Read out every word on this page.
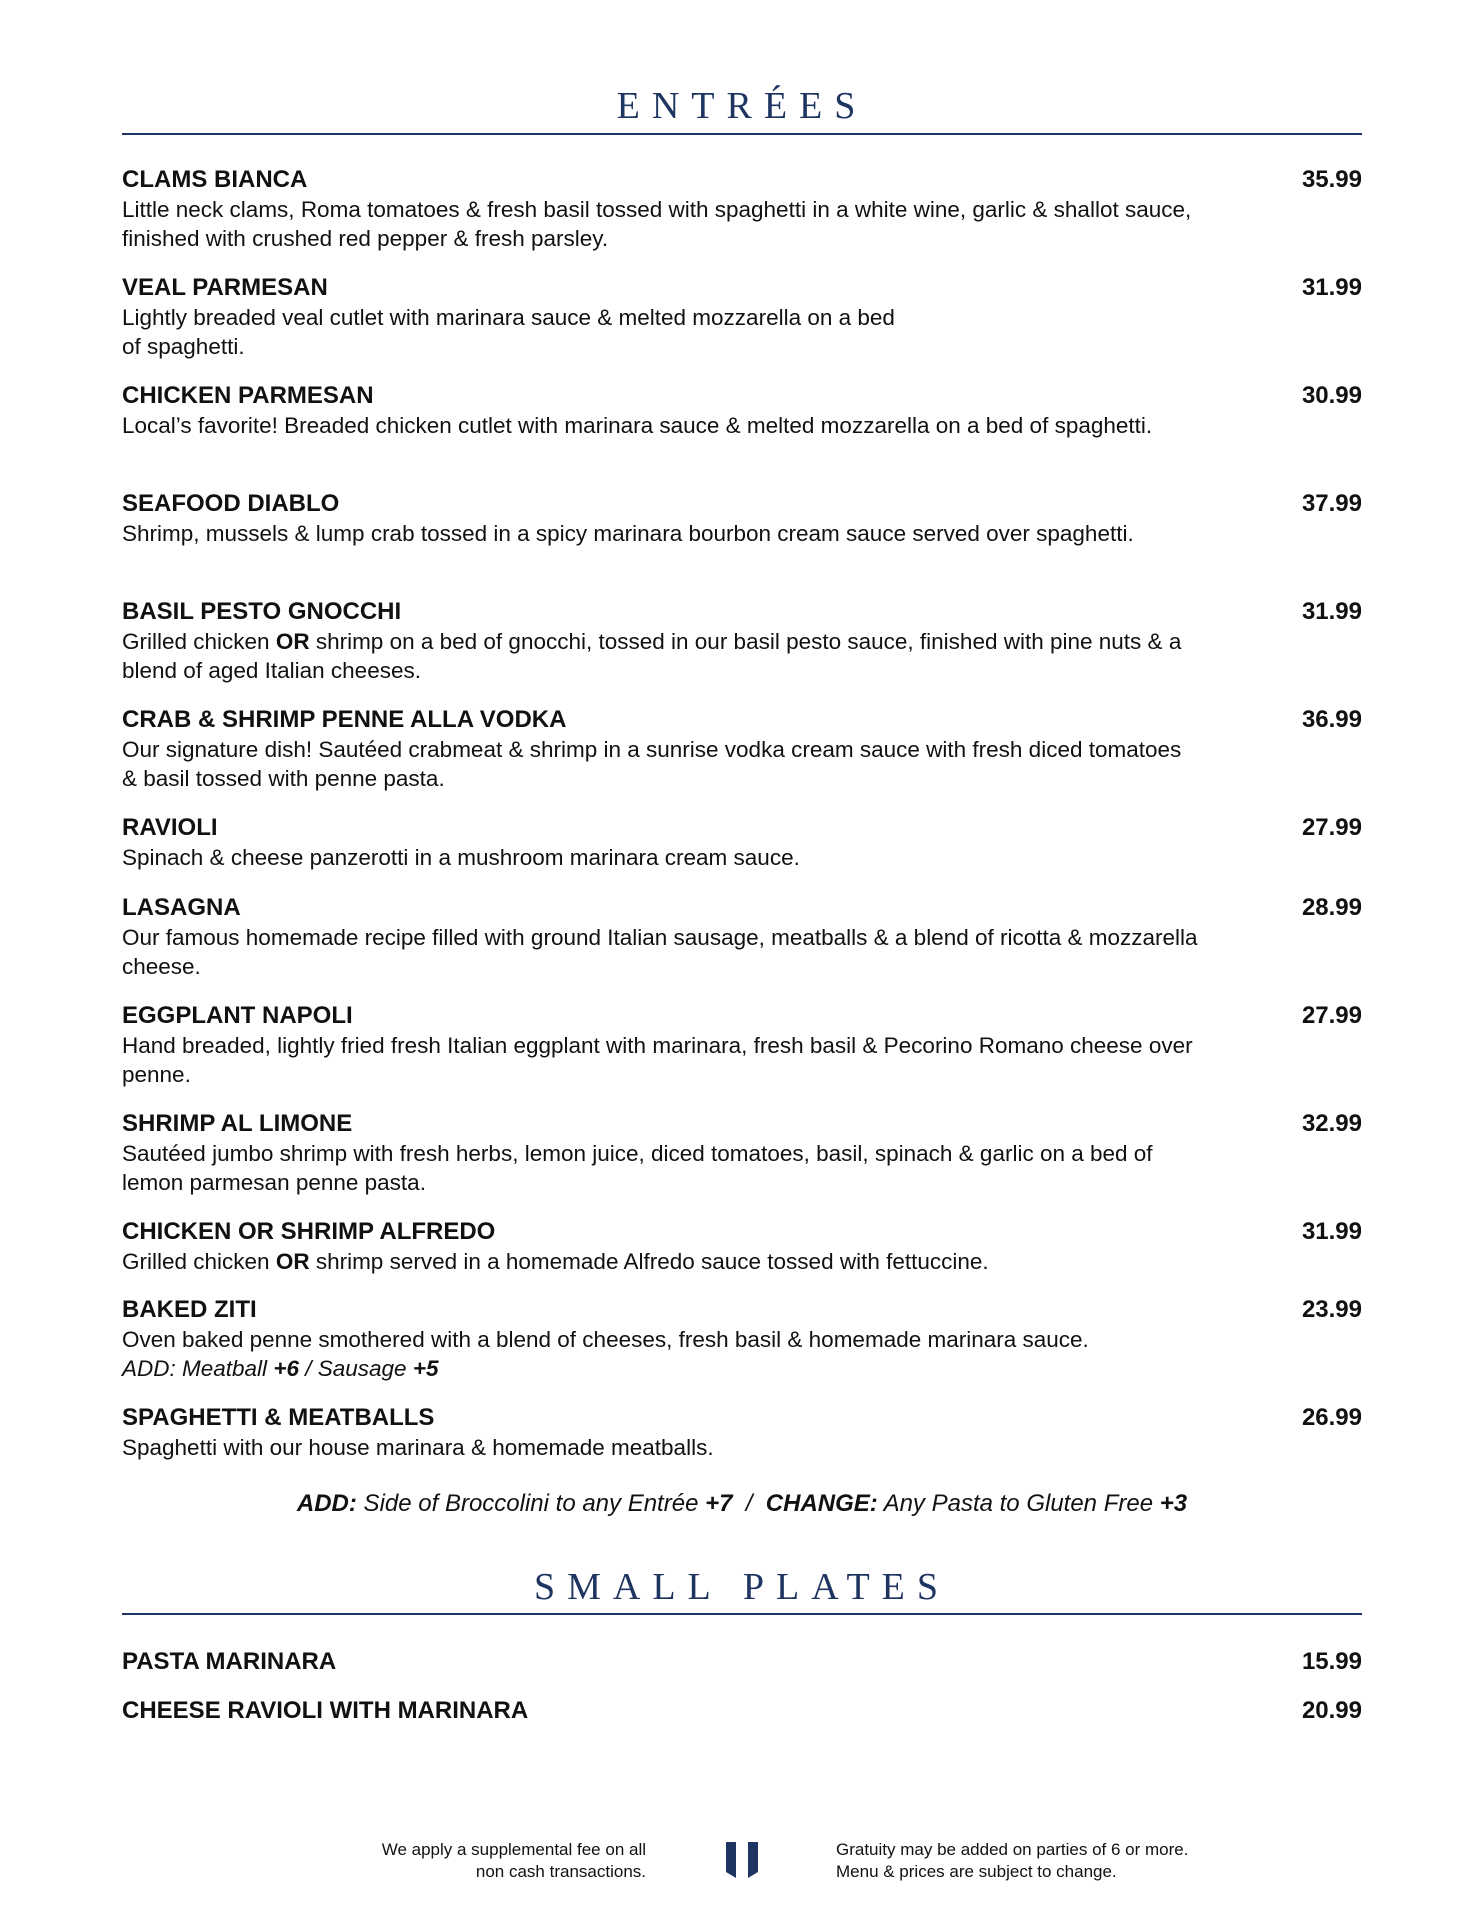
ENTRÉES

CLAMS BIANCA	35.99

Little neck clams, Roma tomatoes & fresh basil tossed with spaghetti in a white wine, garlic & shallot sauce, finished with crushed red pepper & fresh parsley.

VEAL PARMESAN	31.99

Lightly breaded veal cutlet with marinara sauce & melted mozzarella on a bed
of spaghetti.

CHICKEN PARMESAN	30.99

Local’s favorite! Breaded chicken cutlet with marinara sauce & melted mozzarella on a bed of spaghetti.

SEAFOOD DIABLO	37.99

Shrimp, mussels & lump crab tossed in a spicy marinara bourbon cream sauce served over spaghetti.

BASIL PESTO GNOCCHI	31.99

Grilled chicken OR shrimp on a bed of gnocchi, tossed in our basil pesto sauce, finished with pine nuts & a blend of aged Italian cheeses.

CRAB & SHRIMP PENNE ALLA VODKA	36.99

Our signature dish! Sautéed crabmeat & shrimp in a sunrise vodka cream sauce with fresh diced tomatoes & basil tossed with penne pasta.

RAVIOLI	27.99

Spinach & cheese panzerotti in a mushroom marinara cream sauce.

LASAGNA	28.99

Our famous homemade recipe filled with ground Italian sausage, meatballs & a blend of ricotta & mozzarella cheese.

EGGPLANT NAPOLI	27.99

Hand breaded, lightly fried fresh Italian eggplant with marinara, fresh basil & Pecorino Romano cheese over penne.

SHRIMP AL LIMONE	32.99

Sautéed jumbo shrimp with fresh herbs, lemon juice, diced tomatoes, basil, spinach & garlic on a bed of lemon parmesan penne pasta.

CHICKEN OR SHRIMP ALFREDO	31.99

Grilled chicken OR shrimp served in a homemade Alfredo sauce tossed with fettuccine.

BAKED ZITI	23.99

Oven baked penne smothered with a blend of cheeses, fresh basil & homemade marinara sauce.

ADD: Meatball +6 / Sausage +5

SPAGHETTI & MEATBALLS	26.99

Spaghetti with our house marinara & homemade meatballs.

ADD: Side of Broccolini to any Entrée +7  /  CHANGE: Any Pasta to Gluten Free +3
SMALL PLATES

PASTA MARINARA	15.99

CHEESE RAVIOLI WITH MARINARA	20.99
We apply a supplemental fee on all
non cash transactions.
Gratuity may be added on parties of 6 or more.
Menu & prices are subject to change.
